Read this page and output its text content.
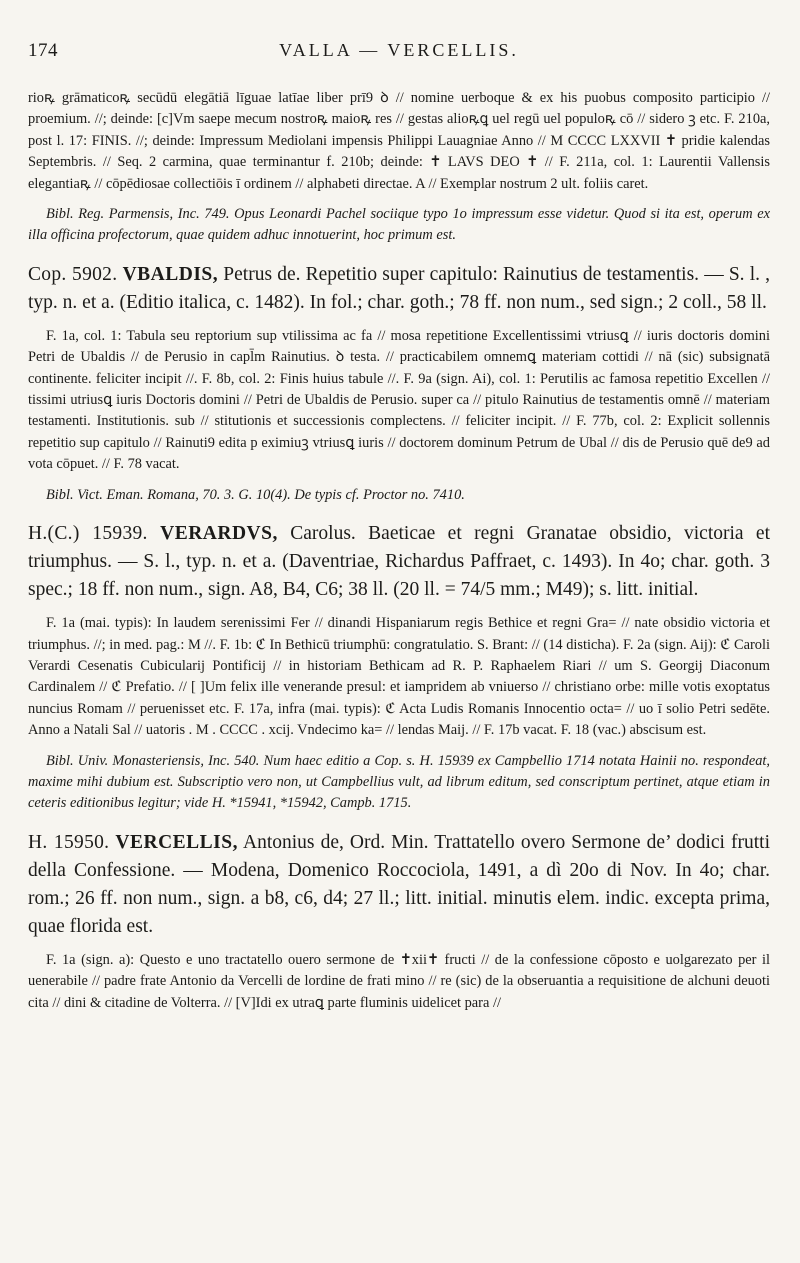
174	VALLA — VERCELLIS.

rioꝶ grāmaticoꝶ secūdū elegātiā līguae latīae liber prī9 ꝺ // nomine uerboque & ex his puobus composito participio // proemium. //; deinde: [c]Vm saepe mecum nostroꝶ maioꝶ res // gestas alioꝶꝗ uel regū uel populoꝶ cō // sidero ꝫ etc. F. 210a, post l. 17: FINIS. //; deinde: Impressum Mediolani impensis Philippi Lauagniae Anno // M CCCC LXXVII ✝ pridie kalendas Septembris. // Seq. 2 carmina, quae terminantur f. 210b; deinde: ✝ LAVS DEO ✝ // F. 211a, col. 1: Laurentii Vallensis elegantiaꝶ // cōpēdiosae collectiōis ī ordinem // alphabeti directae. A // Exemplar nostrum 2 ult. foliis caret.

Bibl. Reg. Parmensis, Inc. 749. Opus Leonardi Pachel sociique typo 1o impressum esse videtur. Quod si ita est, operum ex illa officina profectorum, quae quidem adhuc innotuerint, hoc primum est.

Cop. 5902. VBALDIS, Petrus de. Repetitio super capitulo: Rainutius de testamentis. — S. l. , typ. n. et a. (Editio italica, c. 1482). In fol.; char. goth.; 78 ff. non num., sed sign.; 2 coll., 58 ll.

F. 1a, col. 1: Tabula seu reptorium sup vtilissima ac fa // mosa repetitione Excellentissimi vtriusꝗ // iuris doctoris domini Petri de Ubaldis // de Perusio in capl̄m Rainutius. ꝺ testa. // practicabilem omnemꝗ materiam cottidi // nā (sic) subsignatā continente. feliciter incipit //. F. 8b, col. 2: Finis huius tabule //. F. 9a (sign. Ai), col. 1: Perutilis ac famosa repetitio Excellen // tissimi utriusꝗ iuris Doctoris domini // Petri de Ubaldis de Perusio. super ca // pitulo Rainutius de testamentis omnē // materiam testamenti. Institutionis. sub // stitutionis et successionis complectens. // feliciter incipit. // F. 77b, col. 2: Explicit sollennis repetitio sup capitulo // Rainuti9 edita p eximiuꝫ vtriusꝗ iuris // doctorem dominum Petrum de Ubal // dis de Perusio quē de9 ad vota cōpuet. // F. 78 vacat.

Bibl. Vict. Eman. Romana, 70. 3. G. 10(4). De typis cf. Proctor no. 7410.

H.(C.) 15939. VERARDVS, Carolus. Baeticae et regni Granatae obsidio, victoria et triumphus. — S. l., typ. n. et a. (Daventriae, Richardus Paffraet, c. 1493). In 4o; char. goth. 3 spec.; 18 ff. non num., sign. A8, B4, C6; 38 ll. (20 ll. = 74/5 mm.; M49); s. litt. initial.

F. 1a (mai. typis): In laudem serenissimi Fer // dinandi Hispaniarum regis Bethice et regni Gra= // nate obsidio victoria et triumphus. //; in med. pag.: M //. F. 1b: ℭ In Bethicū triumphū: congratulatio. S. Brant: // (14 disticha). F. 2a (sign. Aij): ℭ Caroli Verardi Cesenatis Cubicularij Pontificij // in historiam Bethicam ad R. P. Raphaelem Riari // um S. Georgij Diaconum Cardinalem // ℭ Prefatio. // [ ]Um felix ille venerande presul: et iampridem ab vniuerso // christiano orbe: mille votis exoptatus nuncius Romam // peruenisset etc. F. 17a, infra (mai. typis): ℭ Acta Ludis Romanis Innocentio octa= // uo ī solio Petri sedēte. Anno a Natali Sal // uatoris . M . CCCC . xcij. Vndecimo ka= // lendas Maij. // F. 17b vacat. F. 18 (vac.) abscisum est.

Bibl. Univ. Monasteriensis, Inc. 540. Num haec editio a Cop. s. H. 15939 ex Campbellio 1714 notata Hainii no. respondeat, maxime mihi dubium est. Subscriptio vero non, ut Campbellius vult, ad librum editum, sed conscriptum pertinet, atque etiam in ceteris editionibus legitur; vide H. *15941, *15942, Campb. 1715.

H. 15950. VERCELLIS, Antonius de, Ord. Min. Trattatello overo Sermone de’ dodici frutti della Confessione. — Modena, Domenico Roccociola, 1491, a dì 20o di Nov. In 4o; char. rom.; 26 ff. non num., sign. a b8, c6, d4; 27 ll.; litt. initial. minutis elem. indic. excepta prima, quae florida est.

F. 1a (sign. a): Questo e uno tractatello ouero sermone de ✝xii✝ fructi // de la confessione cōposto e uolgarezato per il uenerabile // padre frate Antonio da Vercelli de lordine de frati mino // re (sic) de la obseruantia a requisitione de alchuni deuoti cita // dini & citadine de Volterra. // [V]Idi ex utraꝗ parte fluminis uidelicet para //
